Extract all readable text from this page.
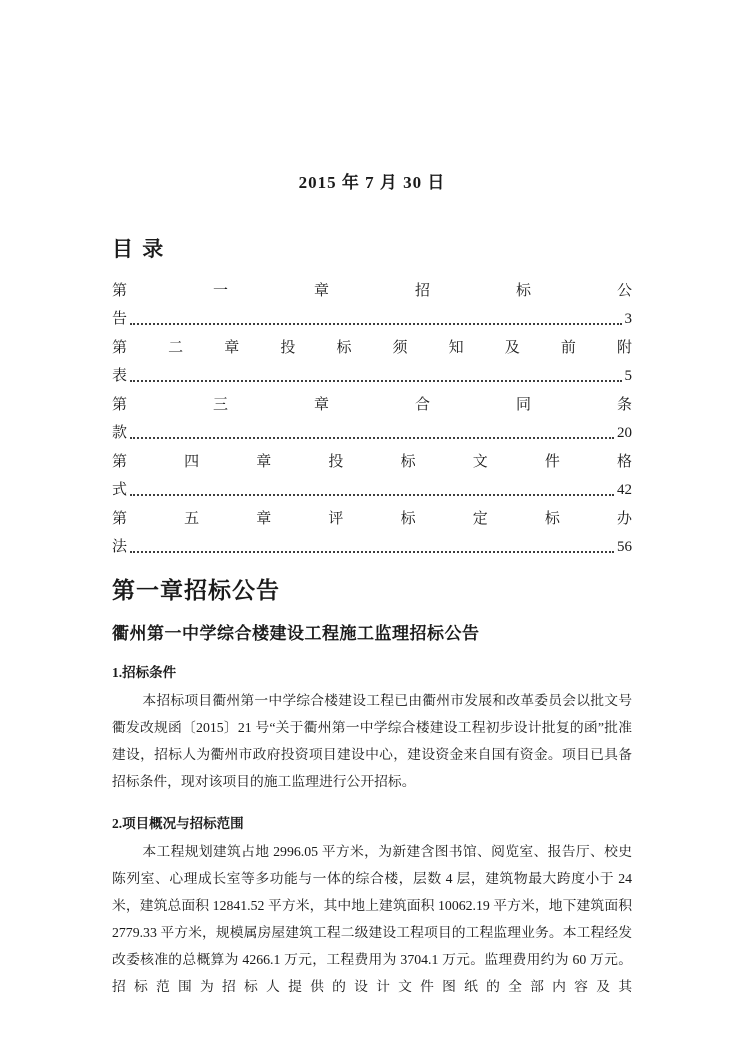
2015 年 7 月 30 日
目 录
第 一 章 招 标 公
告	3
第 二 章 投 标 须 知 及 前 附
表	5
第 三 章 合 同 条
款	20
第 四 章 投 标 文 件 格
式	42
第 五 章 评 标 定 标 办
法	56
第一章招标公告
衢州第一中学综合楼建设工程施工监理招标公告
1.招标条件
本招标项目衢州第一中学综合楼建设工程已由衢州市发展和改革委员会以批文号衢发改规函〔2015〕21 号“关于衢州第一中学综合楼建设工程初步设计批复的函”批准建设，招标人为衢州市政府投资项目建设中心，建设资金来自国有资金。项目已具备招标条件，现对该项目的施工监理进行公开招标。
2.项目概况与招标范围
本工程规划建筑占地 2996.05 平方米，为新建含图书馆、阅览室、报告厅、校史陈列室、心理成长室等多功能与一体的综合楼，层数 4 层，建筑物最大跨度小于 24 米，建筑总面积 12841.52 平方米，其中地上建筑面积 10062.19 平方米，地下建筑面积 2779.33 平方米，规模属房屋建筑工程二级建设工程项目的工程监理业务。本工程经发改委核准的总概算为 4266.1 万元，工程费用为 3704.1 万元。监理费用约为 60 万元。招标范围为招标人提供的设计文件图纸的全部内容及其
